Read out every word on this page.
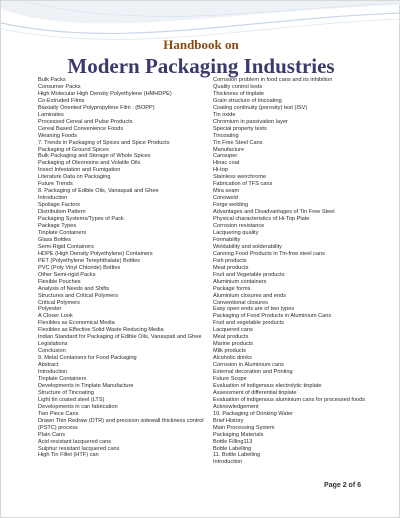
Handbook on
Modern Packaging Industries
Bulk Packs
Consumer Packs
High Molecular High Density Polyethylene (HMHDPE)
Co-Extruded Films
Biaxially Oriented Polypropylene Film : (BOPP)
Laminates
Processed Cereal and Pulse Products
Cereal Based Convenience Foods
Weaning Foods
7. Trends in Packaging of Spices and Spice Products
Packaging of Ground Spices
Bulk Packaging and Storage of Whole Spices
Packaging of Oleoresins and Volatile Oils
Insect Infestation and Fumigation
Literature Data on Packaging
Future Trends
8. Packaging of Edible Oils, Vanaspati and Ghee
Introduction
Spoilage Factors
Distribution Pattern
Packaging Systems/Types of Pack
Package Types
Tinplate Containers
Glass Bottles
Semi-Rigid Containers
HDPE (High Density Polyethylene) Containers
PET (Polyethylene Terephthalate) Bottles
PVC (Poly Vinyl Chloride) Bottles
Other Semi-rigid Packs
Flexible Pouches
Analysis of Needs and Shifts
Structures and Critical Polymers
Critical Polymers
Polyester
A Closer Look
Flexibles as Economical Media
Flexibles as Effective Solid Waste Reducing Media
Indian Standard for Packaging of Edible Oils, Vanaspati and Ghee
Legislations
Conclusion
9. Metal Containers for Food Packaging
Abstract
Introduction
Tinplate Containers
Developments in Tinplate Manufacture
Structure of Tincoating
Light tin coated steel (LTS)
Developments in can fabrication
Two Piece Cans
Drawn Thin Redraw (DTR) and precision sidewall thickness control (PSTC) process
Plain Cans
Acid resistant lacquered cans
Sulphur resistant lacquered cans
High Tin Fillet (HTF) can
Corrosion problem in food cans and its inhibition
Quality control tests
Thickness of tinplate
Grain structure of tincoating
Coating continuity (porosity) test (ISV)
Tin oxide
Chromium in passivation layer
Special property tests
Tincoating
Tin Free Steel Cans
Manufacture
Cansuper
Hinac coat
Hi-top
Stainless weirchrome
Fabrication of TFS cans
Mira seam
Conoweld
Forge welding
Advantages and Disadvantages of Tin Free Steel
Physical characteristics of Hi-Top Plate
Corrosion resistance
Lacquering quality
Formability
Weldability and solderability
Canning Food Products in Tin-free steel cans
Fish products
Meat products
Fruit and Vegetable products
Aluminium containers
Package forms
Aluminium closures and ends
Conventional closures
Easy open ends are of two types
Packaging of Food Products in Aluminium Cans
Fruit and vegetable products
Lacquered cans
Meat products
Marine products
Milk products
Alcoholic drinks
Corrosion in Aluminium cans
External decoration and Printing
Future Scope
Evaluation of indigenous electrolytic tinplate
Assessment of differential tinplate
Evaluation of indigenous aluminium cans for processed foods
Acknowledgement
10. Packaging of Drinking Water
Brief History
Main Processing System
Packaging Materials
Bottle Filling113
Bottle Labelling
11. Bottle Labelling
Introduction
Page 2 of 6
